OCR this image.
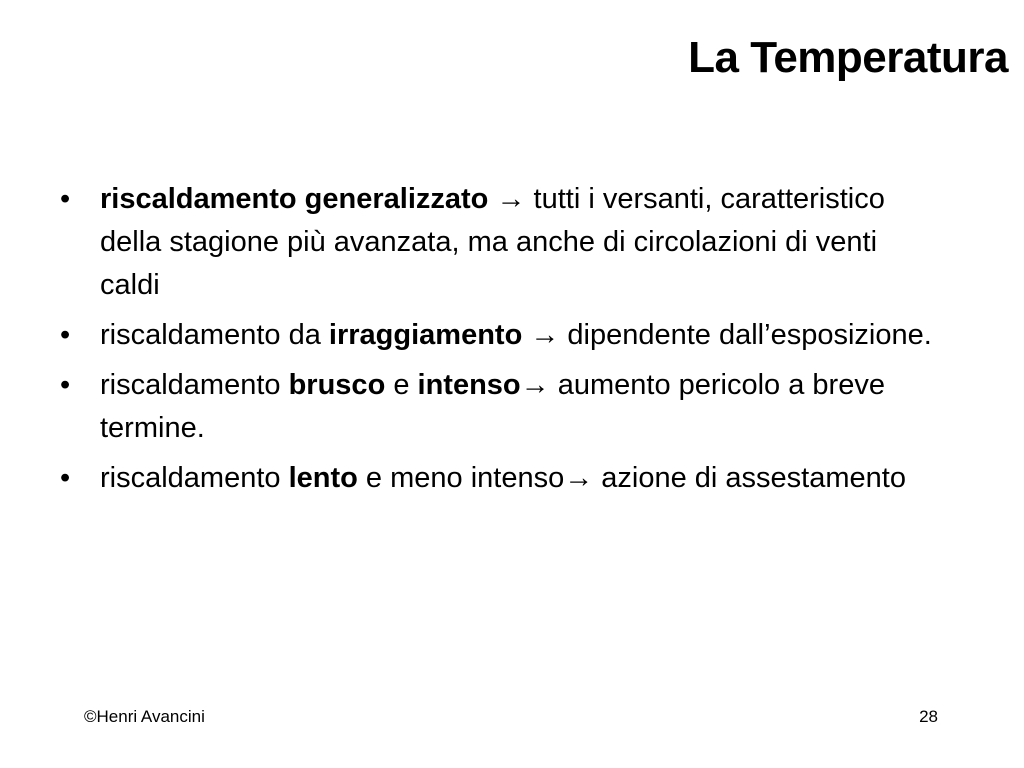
La Temperatura
•	riscaldamento generalizzato → tutti i versanti, caratteristico della stagione più avanzata, ma anche di circolazioni di venti caldi
•	riscaldamento da irraggiamento → dipendente dall’esposizione.
•	riscaldamento brusco e intenso→ aumento pericolo a breve termine.
•	riscaldamento lento e meno intenso→ azione di assestamento
©Henri Avancini	28
